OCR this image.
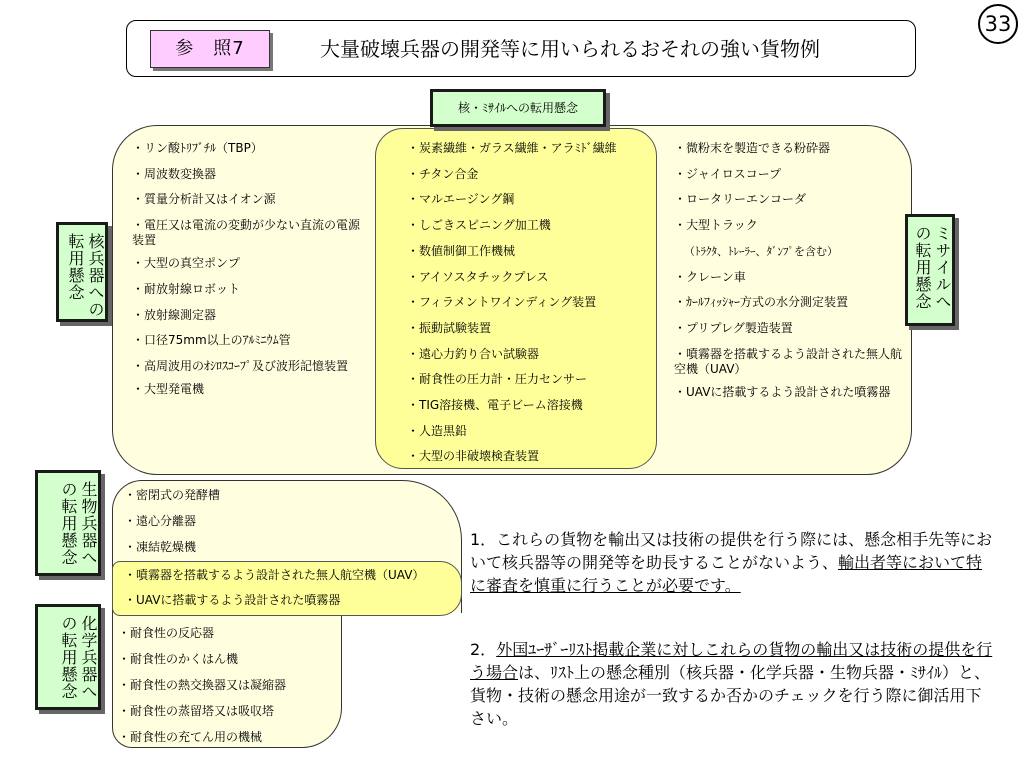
33
参　照7	大量破壊兵器の開発等に用いられるおそれの強い貨物例
核・ﾐｻｲﾙへの転用懸念
核兵器への転用懸念	ミサイルへの転用懸念
・リン酸ﾄﾘﾌﾞﾁﾙ（TBP）
・周波数変換器
・質量分析計又はイオン源
・電圧又は電流の変動が少ない直流の電源装置
・大型の真空ポンプ
・耐放射線ロボット
・放射線測定器
・口径75mm以上のｱﾙﾐﾆｳﾑ管
・高周波用のｵｼﾛｽｺｰﾌﾟ及び波形記憶装置
・大型発電機
・炭素繊維・ガラス繊維・アラﾐﾄﾞ繊維
・チタン合金
・マルエージング鋼
・しごきスピニング加工機
・数値制御工作機械
・アイソスタチックプレス
・フィラメントワインディング装置
・振動試験装置
・遠心力釣り合い試験器
・耐食性の圧力計・圧力センサー
・TIG溶接機、電子ビーム溶接機
・人造黒鉛
・大型の非破壊検査装置
・微粉末を製造できる粉砕器
・ジャイロスコープ
・ロータリーエンコーダ
・大型トラック
（ﾄﾗｸﾀ、ﾄﾚｰﾗｰ、ﾀﾞﾝﾌﾟを含む）
・クレーン車
・ｶｰﾙﾌｨｯｼｬｰ方式の水分測定装置
・プリプレグ製造装置
・噴霧器を搭載するよう設計された無人航空機（UAV）
・UAVに搭載するよう設計された噴霧器
生物兵器への転用懸念
化学兵器への転用懸念
・密閉式の発酵槽
・遠心分離器
・凍結乾燥機
・噴霧器を搭載するよう設計された無人航空機（UAV）
・UAVに搭載するよう設計された噴霧器
・耐食性の反応器
・耐食性のかくはん機
・耐食性の熱交換器又は凝縮器
・耐食性の蒸留塔又は吸収塔
・耐食性の充てん用の機械
1．これらの貨物を輸出又は技術の提供を行う際には、懸念相手先等において核兵器等の開発等を助長することがないよう、輸出者等において特に審査を慎重に行うことが必要です。
2．外国ﾕｰｻﾞｰﾘｽﾄ掲載企業に対しこれらの貨物の輸出又は技術の提供を行う場合は、ﾘｽﾄ上の懸念種別（核兵器・化学兵器・生物兵器・ﾐｻｲﾙ）と、貨物・技術の懸念用途が一致するか否かのチェックを行う際に御活用下さい。
